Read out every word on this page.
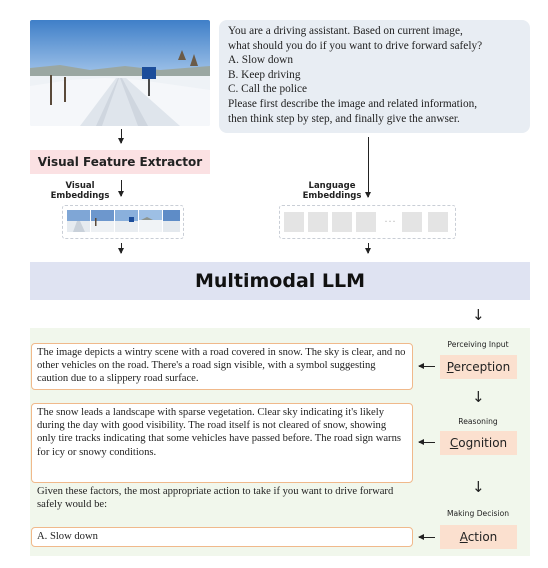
You are a driving assistant. Based on current image,
what should you do if you want to drive forward safely?
A. Slow down
B. Keep driving
C. Call the police
Please first describe the image and related information,
then think step by step, and finally give the anwser.
Visual Feature Extractor
Visual
Embeddings
Language
Embeddings
···
Multimodal LLM
↓
The image depicts a wintry scene with a road covered in snow. The sky is clear, and no other vehicles on the road. There's a road sign visible, with a symbol suggesting caution due to a slippery road surface.
The snow leads a landscape with sparse vegetation. Clear sky indicating it's likely during the day with good visibility. The road itself is not cleared of snow, showing only tire tracks indicating that some vehicles have passed before. The road sign warns for icy or snowy conditions.
Given these factors, the most appropriate action to take if you want to drive forward safely would be:
A. Slow down
Perceiving Input
Perception
↓
Reasoning
Cognition
↓
Making Decision
Action
